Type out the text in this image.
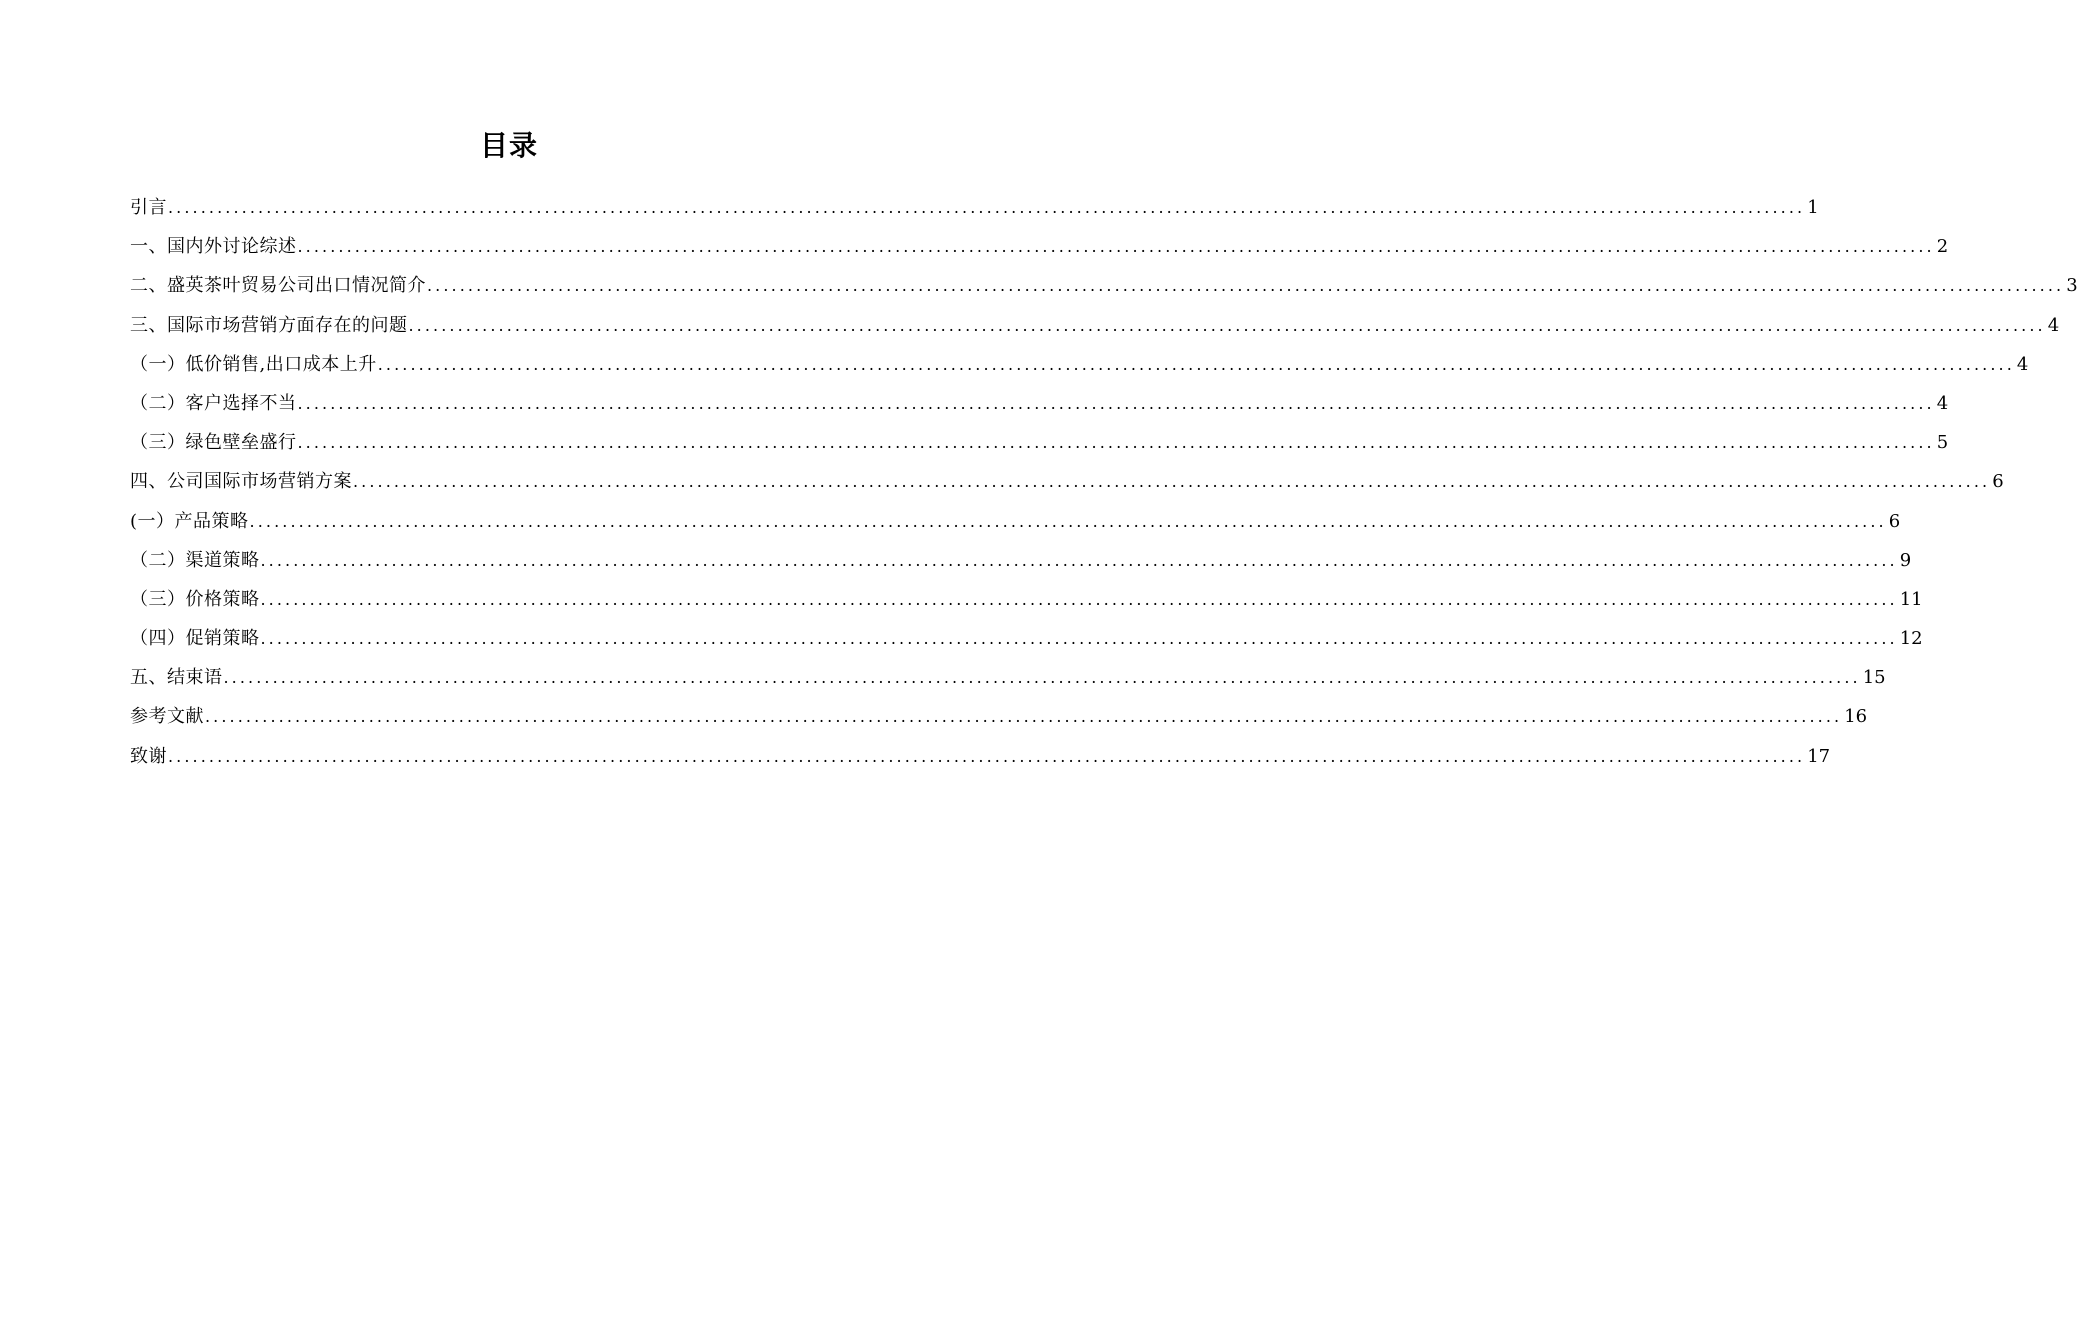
目录
引言 ........................................................................................................................................................................................................ 1
一、国内外讨论综述 ........................................................................................................................................................................................................ 2
二、盛英茶叶贸易公司出口情况简介 ........................................................................................................................................................................................................ 3
三、国际市场营销方面存在的问题 ........................................................................................................................................................................................................ 4
（一）低价销售,出口成本上升 ........................................................................................................................................................................................................ 4
（二）客户选择不当 ........................................................................................................................................................................................................ 4
（三）绿色壁垒盛行 ........................................................................................................................................................................................................ 5
四、公司国际市场营销方案 ........................................................................................................................................................................................................ 6
(一）产品策略 ........................................................................................................................................................................................................ 6
（二）渠道策略 ........................................................................................................................................................................................................ 9
（三）价格策略 ........................................................................................................................................................................................................ 11
（四）促销策略 ........................................................................................................................................................................................................ 12
五、结束语 ........................................................................................................................................................................................................ 15
参考文献 ........................................................................................................................................................................................................ 16
致谢 ........................................................................................................................................................................................................ 17
